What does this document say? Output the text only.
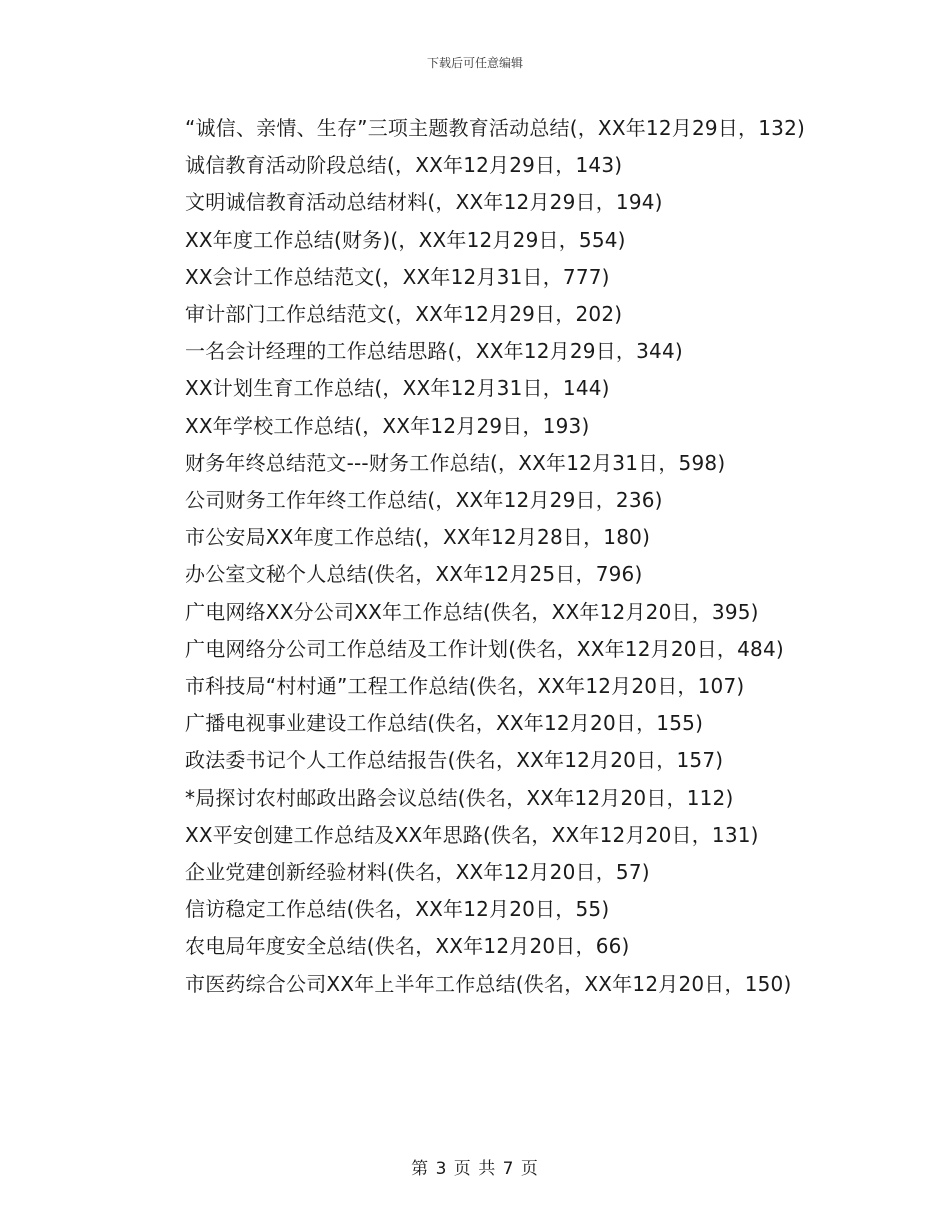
下载后可任意编辑

“诚信、亲情、生存”三项主题教育活动总结(，XX年12月29日，132)

诚信教育活动阶段总结(，XX年12月29日，143)

文明诚信教育活动总结材料(，XX年12月29日，194)

XX年度工作总结(财务)(，XX年12月29日，554)

XX会计工作总结范文(，XX年12月31日，777)

审计部门工作总结范文(，XX年12月29日，202)

一名会计经理的工作总结思路(，XX年12月29日，344)

XX计划生育工作总结(，XX年12月31日，144)

XX年学校工作总结(，XX年12月29日，193)

财务年终总结范文---财务工作总结(，XX年12月31日，598)

公司财务工作年终工作总结(，XX年12月29日，236)

市公安局XX年度工作总结(，XX年12月28日，180)

办公室文秘个人总结(佚名，XX年12月25日，796)

广电网络XX分公司XX年工作总结(佚名，XX年12月20日，395)

广电网络分公司工作总结及工作计划(佚名，XX年12月20日，484)

市科技局“村村通”工程工作总结(佚名，XX年12月20日，107)

广播电视事业建设工作总结(佚名，XX年12月20日，155)

政法委书记个人工作总结报告(佚名，XX年12月20日，157)

*局探讨农村邮政出路会议总结(佚名，XX年12月20日，112)

XX平安创建工作总结及XX年思路(佚名，XX年12月20日，131)

企业党建创新经验材料(佚名，XX年12月20日，57)

信访稳定工作总结(佚名，XX年12月20日，55)

农电局年度安全总结(佚名，XX年12月20日，66)

市医药综合公司XX年上半年工作总结(佚名，XX年12月20日，150)

第 3 页 共 7 页
